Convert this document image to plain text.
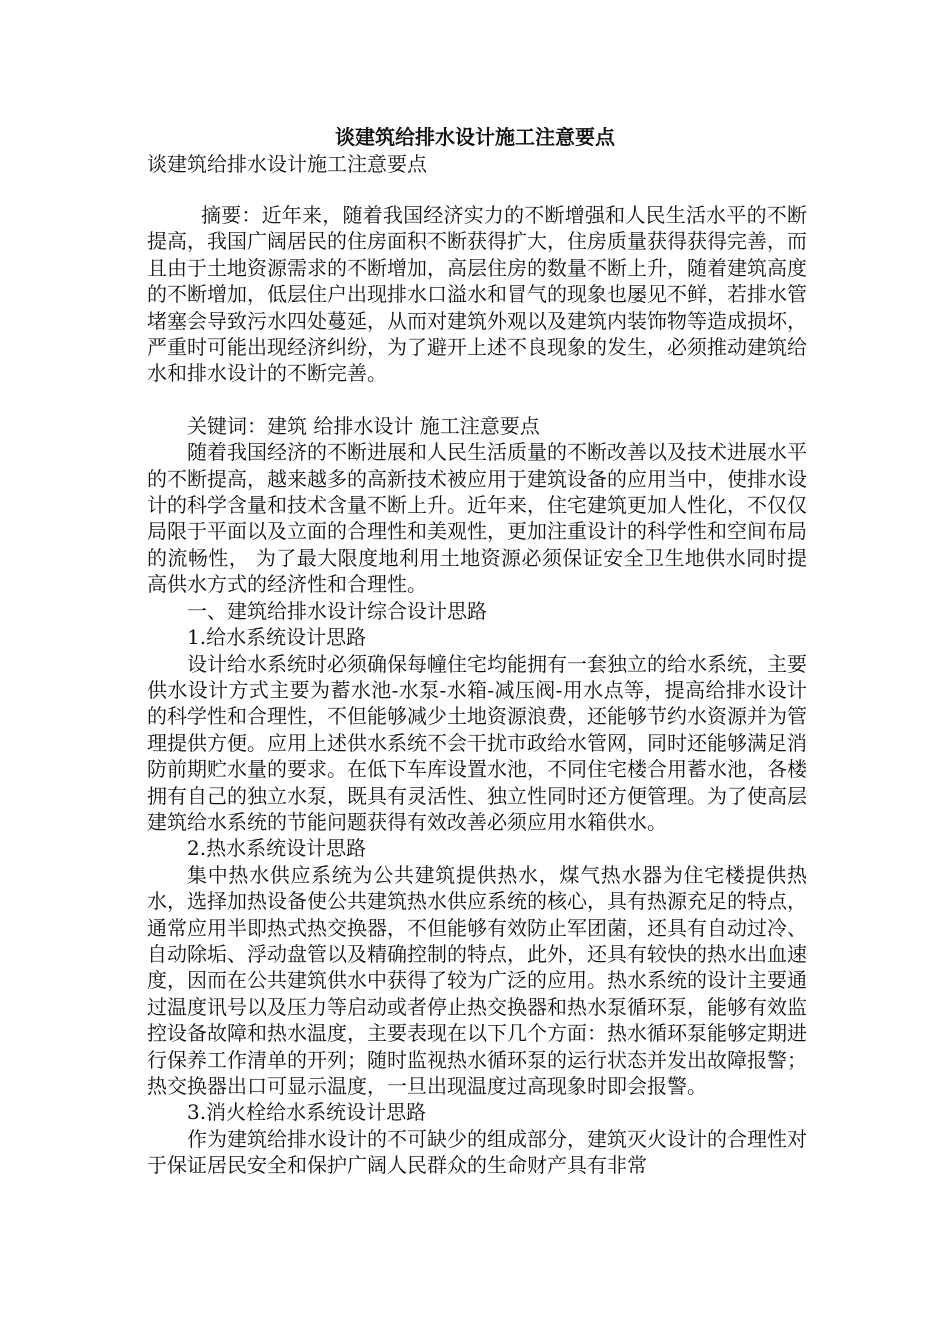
谈建筑给排水设计施工注意要点
谈建筑给排水设计施工注意要点

摘要：近年来，随着我国经济实力的不断增强和人民生活水平的不断提高，我国广阔居民的住房面积不断获得扩大，住房质量获得获得完善，而且由于土地资源需求的不断增加，高层住房的数量不断上升，随着建筑高度的不断增加，低层住户出现排水口溢水和冒气的现象也屡见不鲜，若排水管堵塞会导致污水四处蔓延，从而对建筑外观以及建筑内装饰物等造成损坏，严重时可能出现经济纠纷，为了避开上述不良现象的发生，必须推动建筑给水和排水设计的不断完善。

关键词：建筑 给排水设计 施工注意要点

随着我国经济的不断进展和人民生活质量的不断改善以及技术进展水平的不断提高，越来越多的高新技术被应用于建筑设备的应用当中，使排水设计的科学含量和技术含量不断上升。近年来，住宅建筑更加人性化，不仅仅局限于平面以及立面的合理性和美观性，更加注重设计的科学性和空间布局的流畅性， 为了最大限度地利用土地资源必须保证安全卫生地供水同时提高供水方式的经济性和合理性。

一、建筑给排水设计综合设计思路

1.给水系统设计思路

设计给水系统时必须确保每幢住宅均能拥有一套独立的给水系统，主要供水设计方式主要为蓄水池-水泵-水箱-减压阀-用水点等，提高给排水设计的科学性和合理性，不但能够减少土地资源浪费，还能够节约水资源并为管理提供方便。应用上述供水系统不会干扰市政给水管网，同时还能够满足消防前期贮水量的要求。在低下车库设置水池，不同住宅楼合用蓄水池，各楼拥有自己的独立水泵，既具有灵活性、独立性同时还方便管理。为了使高层建筑给水系统的节能问题获得有效改善必须应用水箱供水。

2.热水系统设计思路

集中热水供应系统为公共建筑提供热水，煤气热水器为住宅楼提供热水，选择加热设备使公共建筑热水供应系统的核心，具有热源充足的特点，通常应用半即热式热交换器，不但能够有效防止军团菌，还具有自动过冷、自动除垢、浮动盘管以及精确控制的特点，此外，还具有较快的热水出血速度，因而在公共建筑供水中获得了较为广泛的应用。热水系统的设计主要通过温度讯号以及压力等启动或者停止热交换器和热水泵循环泵，能够有效监控设备故障和热水温度，主要表现在以下几个方面：热水循环泵能够定期进行保养工作清单的开列；随时监视热水循环泵的运行状态并发出故障报警；热交换器出口可显示温度，一旦出现温度过高现象时即会报警。

3.消火栓给水系统设计思路

作为建筑给排水设计的不可缺少的组成部分，建筑灭火设计的合理性对于保证居民安全和保护广阔人民群众的生命财产具有非常
